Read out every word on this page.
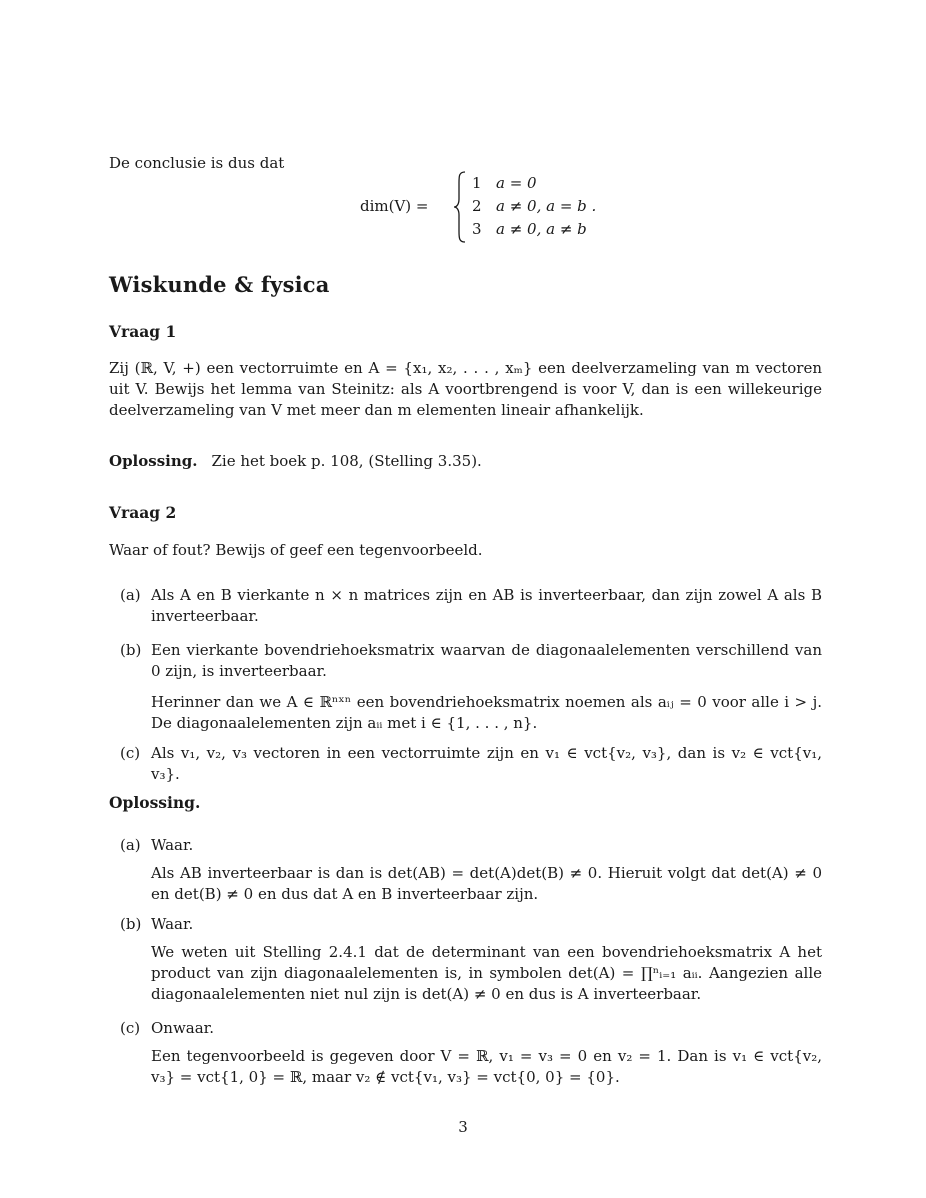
De conclusie is dus dat

dim(V) =
1 a = 0
2 a ≠ 0, a = b .
3 a ≠ 0, a ≠ b
Wiskunde & fysica
Vraag 1

Zij (ℝ, V, +) een vectorruimte en A = {x₁, x₂, . . . , xₘ} een deelverzameling van m vectoren uit V. Bewijs het lemma van Steinitz: als A voortbrengend is voor V, dan is een willekeurige deelverzameling van V met meer dan m elementen lineair afhankelijk.

Oplossing. Zie het boek p. 108, (Stelling 3.35).

Vraag 2

Waar of fout? Bewijs of geef een tegenvoorbeeld.

(a) Als A en B vierkante n × n matrices zijn en AB is inverteerbaar, dan zijn zowel A als B inverteerbaar.

(b) Een vierkante bovendriehoeksmatrix waarvan de diagonaalelementen verschillend van 0 zijn, is inverteerbaar.

Herinner dan we A ∈ ℝⁿˣⁿ een bovendriehoeksmatrix noemen als aᵢⱼ = 0 voor alle i > j. De diagonaalelementen zijn aᵢᵢ met i ∈ {1, . . . , n}.

(c) Als v₁, v₂, v₃ vectoren in een vectorruimte zijn en v₁ ∈ vct{v₂, v₃}, dan is v₂ ∈ vct{v₁, v₃}.

Oplossing.
(a) Waar.

Als AB inverteerbaar is dan is det(AB) = det(A)det(B) ≠ 0. Hieruit volgt dat det(A) ≠ 0 en det(B) ≠ 0 en dus dat A en B inverteerbaar zijn.

(b) Waar.

We weten uit Stelling 2.4.1 dat de determinant van een bovendriehoeksmatrix A het product van zijn diagonaalelementen is, in symbolen det(A) = ∏ⁿᵢ₌₁ aᵢᵢ. Aangezien alle diagonaalelementen niet nul zijn is det(A) ≠ 0 en dus is A inverteerbaar.

(c) Onwaar.

Een tegenvoorbeeld is gegeven door V = ℝ, v₁ = v₃ = 0 en v₂ = 1. Dan is v₁ ∈ vct{v₂, v₃} = vct{1, 0} = ℝ, maar v₂ ∉ vct{v₁, v₃} = vct{0, 0} = {0}.

3
